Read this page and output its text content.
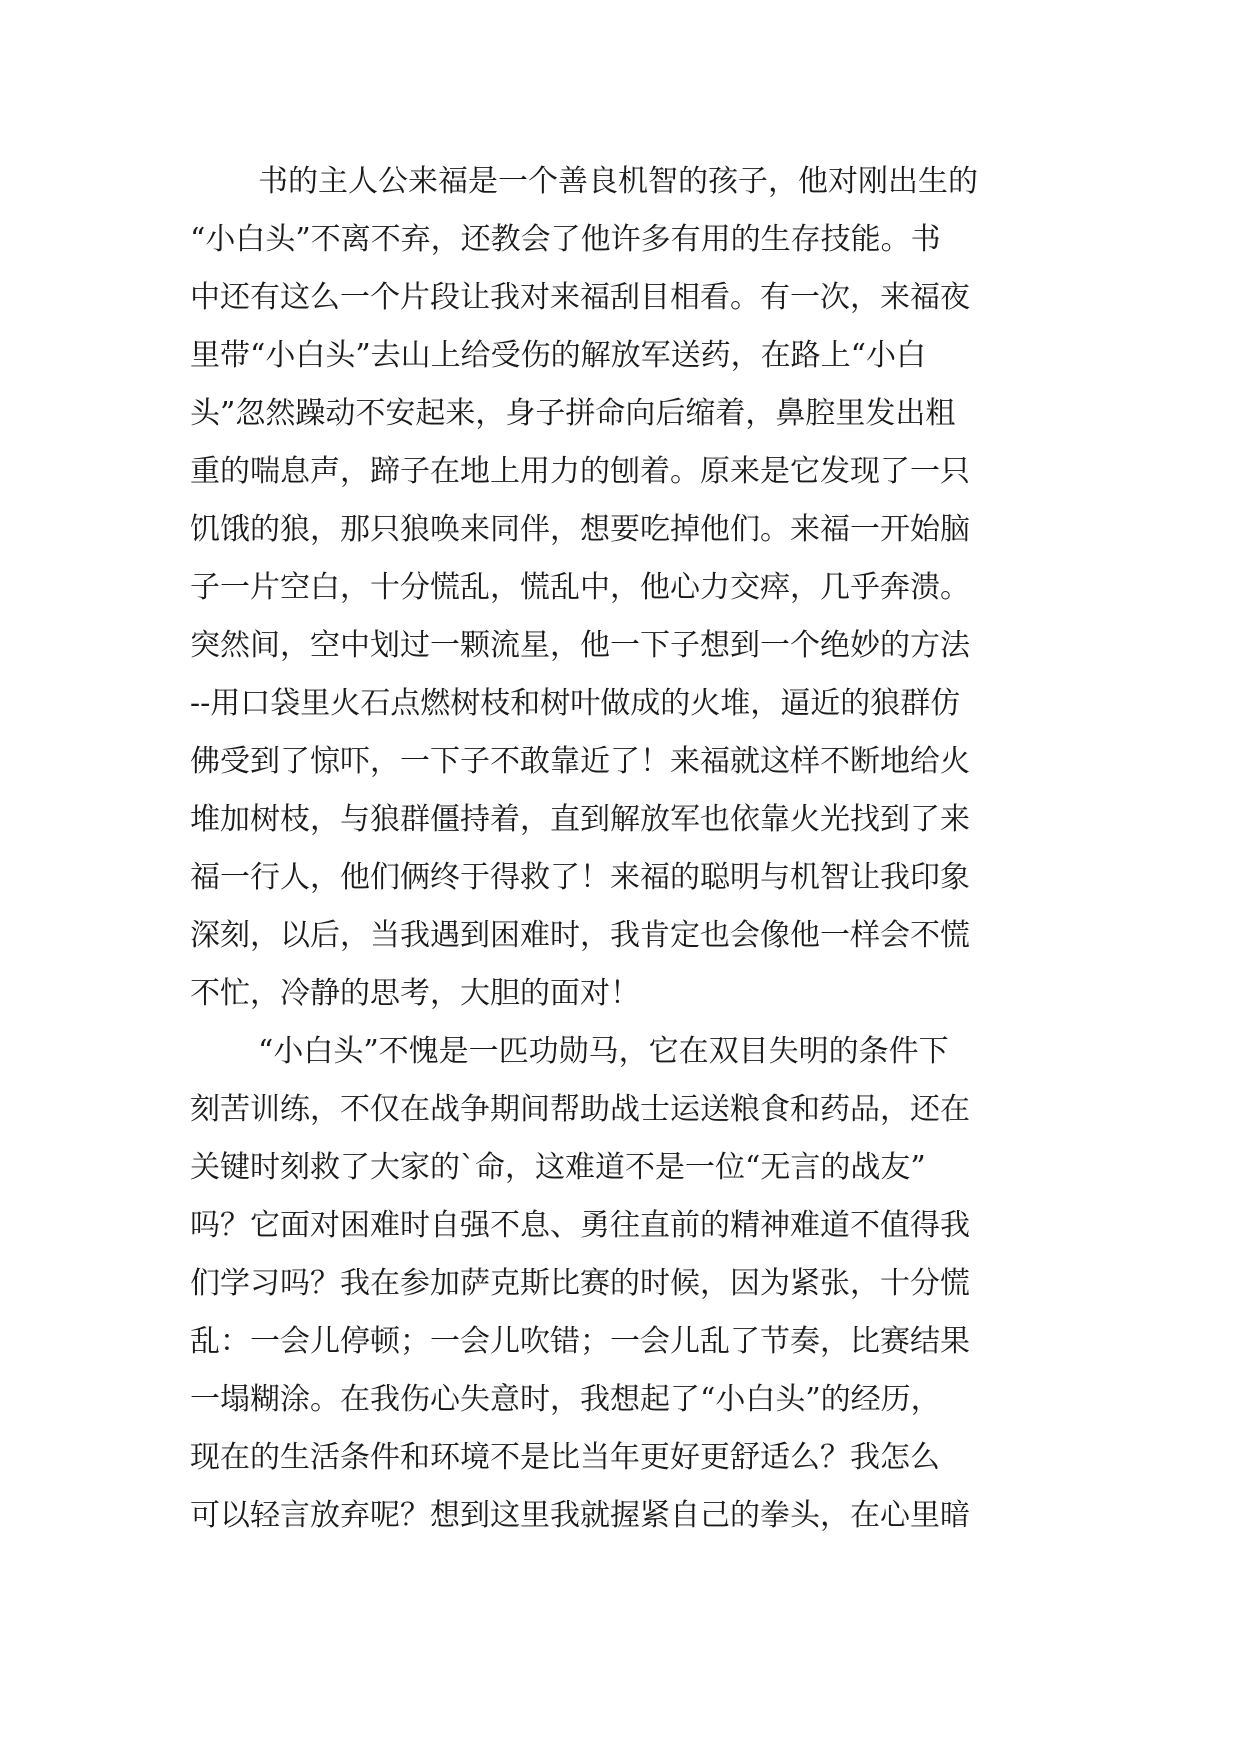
书的主人公来福是一个善良机智的孩子，他对刚出生的
“小白头”不离不弃，还教会了他许多有用的生存技能。书
中还有这么一个片段让我对来福刮目相看。有一次，来福夜
里带“小白头”去山上给受伤的解放军送药，在路上“小白
头”忽然躁动不安起来，身子拼命向后缩着，鼻腔里发出粗
重的喘息声，蹄子在地上用力的刨着。原来是它发现了一只
饥饿的狼，那只狼唤来同伴，想要吃掉他们。来福一开始脑
子一片空白，十分慌乱，慌乱中，他心力交瘁，几乎奔溃。
突然间，空中划过一颗流星，他一下子想到一个绝妙的方法
--用口袋里火石点燃树枝和树叶做成的火堆，逼近的狼群仿
佛受到了惊吓，一下子不敢靠近了！来福就这样不断地给火
堆加树枝，与狼群僵持着，直到解放军也依靠火光找到了来
福一行人，他们俩终于得救了！来福的聪明与机智让我印象
深刻，以后，当我遇到困难时，我肯定也会像他一样会不慌
不忙，冷静的思考，大胆的面对！
“小白头”不愧是一匹功勋马，它在双目失明的条件下
刻苦训练，不仅在战争期间帮助战士运送粮食和药品，还在
关键时刻救了大家的`命，这难道不是一位“无言的战友”
吗？它面对困难时自强不息、勇往直前的精神难道不值得我
们学习吗？我在参加萨克斯比赛的时候，因为紧张，十分慌
乱：一会儿停顿；一会儿吹错；一会儿乱了节奏，比赛结果
一塌糊涂。在我伤心失意时，我想起了“小白头”的经历，
现在的生活条件和环境不是比当年更好更舒适么？我怎么
可以轻言放弃呢？想到这里我就握紧自己的拳头，在心里暗
